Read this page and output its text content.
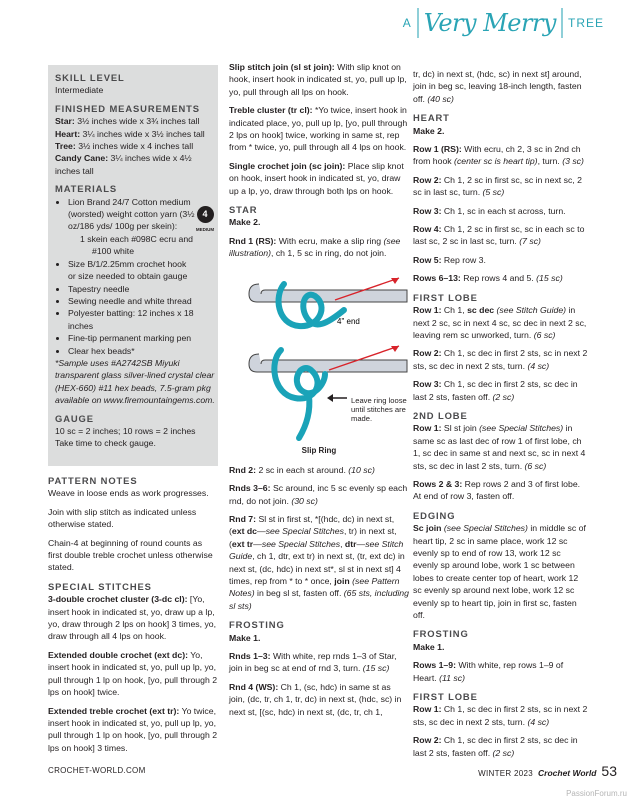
A Very Merry TREE
SKILL LEVEL

Intermediate

FINISHED MEASUREMENTS

Star: 3½ inches wide x 3¾ inches tall

Heart: 3¼ inches wide x 3½ inches tall

Tree: 3½ inches wide x 4 inches tall

Candy Cane: 3¼ inches wide x 4½ inches tall

MATERIALS
• Lion Brand 24/7 Cotton medium (worsted) weight cotton yarn (3½ oz/186 yds/ 100g per skein):
1 skein each #098C ecru and
#100 white
• Size B/1/2.25mm crochet hook or size needed to obtain gauge
• Tapestry needle
• Sewing needle and white thread
• Polyester batting: 12 inches x 18 inches
• Fine-tip permanent marking pen
• Clear hex beads*
4
MEDIUM

*Sample uses #A2742SB Miyuki transparent glass silver-lined crystal clear (HEX-660) #11 hex beads, 7.5-gram pkg available on www.firemountaingems.com.

GAUGE

10 sc = 2 inches; 10 rows = 2 inches

Take time to check gauge.

PATTERN NOTES

Weave in loose ends as work progresses.

Join with slip stitch as indicated unless otherwise stated.

Chain-4 at beginning of round counts as first double treble crochet unless otherwise stated.

SPECIAL STITCHES

3-double crochet cluster (3-dc cl): [Yo, insert hook in indicated st, yo, draw up a lp, yo, draw through 2 lps on hook] 3 times, yo, draw through all 4 lps on hook.

Extended double crochet (ext dc): Yo, insert hook in indicated st, yo, pull up lp, yo, pull through 1 lp on hook, [yo, pull through 2 lps on hook] twice.

Extended treble crochet (ext tr): Yo twice, insert hook in indicated st, yo, pull up lp, yo, pull through 1 lp on hook, [yo, pull through 2 lps on hook] 3 times.

Slip stitch join (sl st join): With slip knot on hook, insert hook in indicated st, yo, pull up lp, yo, pull through all lps on hook.

Treble cluster (tr cl): *Yo twice, insert hook in indicated place, yo, pull up lp, [yo, pull through 2 lps on hook] twice, working in same st, rep from * twice, yo, pull through all 4 lps on hook.

Single crochet join (sc join): Place slip knot on hook, insert hook in indicated st, yo, draw up a lp, yo, draw through both lps on hook.

STAR

Make 2.

Rnd 1 (RS): With ecru, make a slip ring (see illustration), ch 1, 5 sc in ring, do not join.

4" end
Leave ring loose until stitches are made.
Slip Ring

Rnd 2: 2 sc in each st around. (10 sc)

Rnds 3–6: Sc around, inc 5 sc evenly sp each rnd, do not join. (30 sc)

Rnd 7: Sl st in first st, *[(hdc, dc) in next st, (ext dc—see Special Stitches, tr) in next st, (ext tr—see Special Stitches, dtr—see Stitch Guide, ch 1, dtr, ext tr) in next st, (tr, ext dc) in next st, (dc, hdc) in next st*, sl st in next st] 4 times, rep from * to * once, join (see Pattern Notes) in beg sl st, fasten off. (65 sts, including sl sts)

FROSTING

Make 1.

Rnds 1–3: With white, rep rnds 1–3 of Star, join in beg sc at end of rnd 3, turn. (15 sc)

Rnd 4 (WS): Ch 1, (sc, hdc) in same st as join, (dc, tr, ch 1, tr, dc) in next st, (hdc, sc) in next st, [(sc, hdc) in next st, (dc, tr, ch 1,

tr, dc) in next st, (hdc, sc) in next st] around, join in beg sc, leaving 18-inch length, fasten off. (40 sc)

HEART

Make 2.

Row 1 (RS): With ecru, ch 2, 3 sc in 2nd ch from hook (center sc is heart tip), turn. (3 sc)

Row 2: Ch 1, 2 sc in first sc, sc in next sc, 2 sc in last sc, turn. (5 sc)

Row 3: Ch 1, sc in each st across, turn.

Row 4: Ch 1, 2 sc in first sc, sc in each sc to last sc, 2 sc in last sc, turn. (7 sc)

Row 5: Rep row 3.

Rows 6–13: Rep rows 4 and 5. (15 sc)

FIRST LOBE

Row 1: Ch 1, sc dec (see Stitch Guide) in next 2 sc, sc in next 4 sc, sc dec in next 2 sc, leaving rem sc unworked, turn. (6 sc)

Row 2: Ch 1, sc dec in first 2 sts, sc in next 2 sts, sc dec in next 2 sts, turn. (4 sc)

Row 3: Ch 1, sc dec in first 2 sts, sc dec in last 2 sts, fasten off. (2 sc)

2ND LOBE

Row 1: Sl st join (see Special Stitches) in same sc as last dec of row 1 of first lobe, ch 1, sc dec in same st and next sc, sc in next 4 sts, sc dec in last 2 sts, turn. (6 sc)

Rows 2 & 3: Rep rows 2 and 3 of first lobe. At end of row 3, fasten off.

EDGING

Sc join (see Special Stitches) in middle sc of heart tip, 2 sc in same place, work 12 sc evenly sp to end of row 13, work 12 sc evenly sp around lobe, work 1 sc between lobes to create center top of heart, work 12 sc evenly sp around next lobe, work 12 sc evenly sp to heart tip, join in first sc, fasten off.

FROSTING

Make 1.

Rows 1–9: With white, rep rows 1–9 of Heart. (11 sc)

FIRST LOBE

Row 1: Ch 1, sc dec in first 2 sts, sc in next 2 sts, sc dec in next 2 sts, turn. (4 sc)

Row 2: Ch 1, sc dec in first 2 sts, sc dec in last 2 sts, fasten off. (2 sc)

CROCHET-WORLD.COM	WINTER 2023 Crochet World 53
PassionForum.ru
